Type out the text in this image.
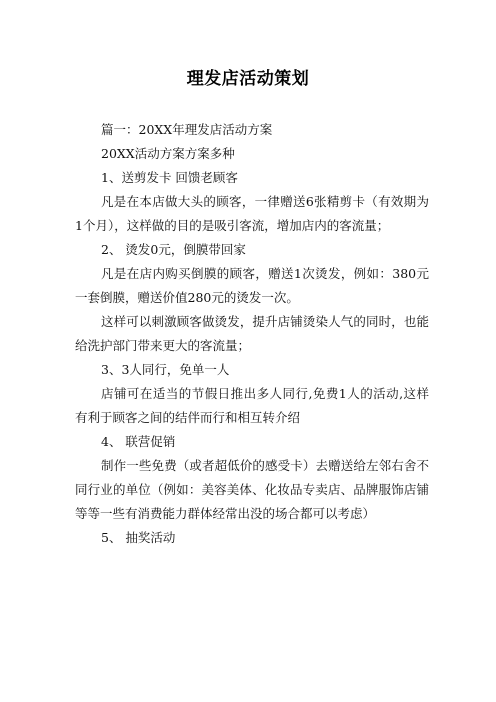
理发店活动策划

篇一：20XX年理发店活动方案

20XX活动方案方案多种

1、送剪发卡 回馈老顾客

凡是在本店做大头的顾客，一律赠送6张精剪卡（有效期为1个月），这样做的目的是吸引客流，增加店内的客流量；

2、 烫发0元，倒膜带回家

凡是在店内购买倒膜的顾客，赠送1次烫发，例如：380元一套倒膜，赠送价值280元的烫发一次。

这样可以刺激顾客做烫发，提升店铺烫染人气的同时，也能给洗护部门带来更大的客流量；

3、3人同行，免单一人

店铺可在适当的节假日推出多人同行,免费1人的活动,这样有利于顾客之间的结伴而行和相互转介绍

4、 联营促销

制作一些免费（或者超低价的感受卡）去赠送给左邻右舍不同行业的单位（例如：美容美体、化妆品专卖店、品牌服饰店铺等等一些有消费能力群体经常出没的场合都可以考虑）

5、 抽奖活动
